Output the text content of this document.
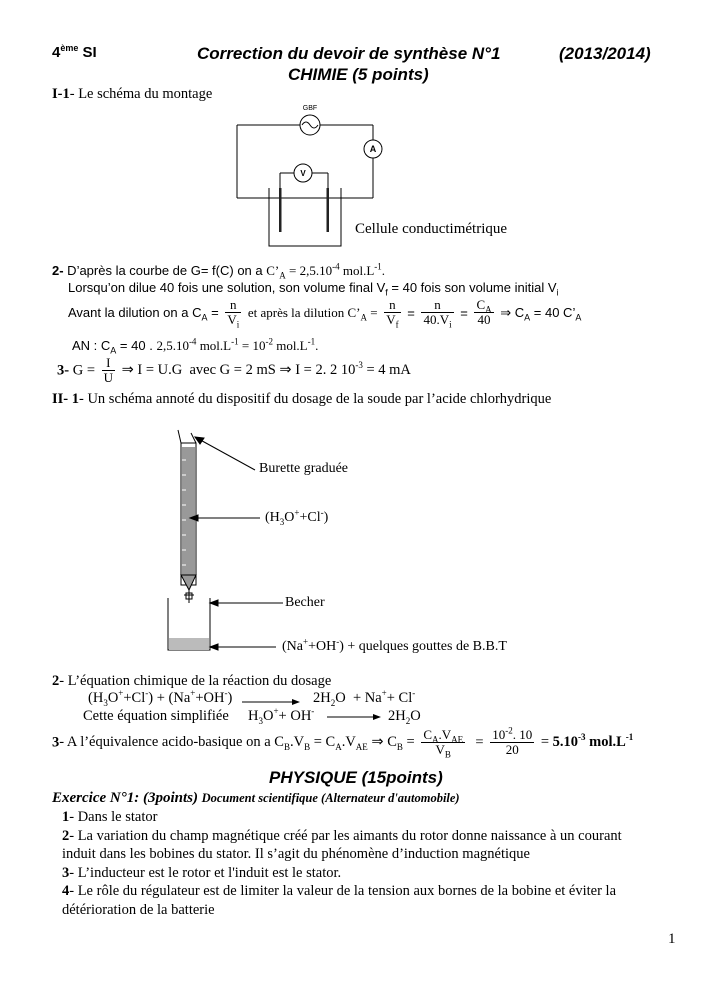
4ème SI	Correction du devoir de synthèse N°1	(2013/2014)
CHIMIE (5 points)
I-1- Le schéma du montage
GBF
A
V
Cellule conductimétrique
2- D’après la courbe de G= f(C) on a $C’_A = 2,5.10^{-4}$ $mol.L^{-1}$.
Lorsqu’on dilue 40 fois une solution, son volume final $V_f = 40$ fois son volume initial $V_i$
Avant la dilution on a $C_A = \frac{n}{V_i}$ et après la dilution $C’_A = \frac{n}{V_f} = \frac{n}{40.V_i} = \frac{C_A}{40}$ ⇒ $C_A = 40$ $C’_A$
AN : $C_A = 40$ . $2,5.10^{-4}$ $mol.L^{-1} = 10^{-2}$ $mol.L^{-1}$.
3- $G = \frac{I}{U}$ ⇒ I = U.G  avec G = 2 mS ⇒ I = 2. 2 $10^{-3} = 4$ mA
II- 1- Un schéma annoté du dispositif du dosage de la soude par l’acide chlorhydrique
Burette graduée
$(H_3O^++Cl^-)$
Becher
(Na++OH-) + quelques gouttes de B.B.T
2- L’équation chimique de la réaction du dosage
$(H_3O^++Cl^-) + (Na^++OH^-) \to 2H_2O + Na^++ Cl^-$
Cette équation simplifiée $H_3O^++ OH^- \to 2H_2O$
3- A l’équivalence acido-basique on a $C_B.V_B = C_A.V_{AE}$ ⇒ $C_B = \frac{C_A.V_{AE}}{V_B} = \frac{10^{-2}. 10}{20} = 5.10^{-3}$ $mol.L^{-1}$
PHYSIQUE (15points)
Exercice N°1: (3points) Document scientifique (Alternateur d'automobile)
1- Dans le stator
2- La variation du champ magnétique créé par les aimants du rotor donne naissance à un courant
induit dans les bobines du stator. Il s’agit du phénomène d’induction magnétique
3- L’inducteur est le rotor et l'induit est le stator.
4- Le rôle du régulateur est de limiter la valeur de la tension aux bornes de la bobine et éviter la
détérioration de la batterie
1
